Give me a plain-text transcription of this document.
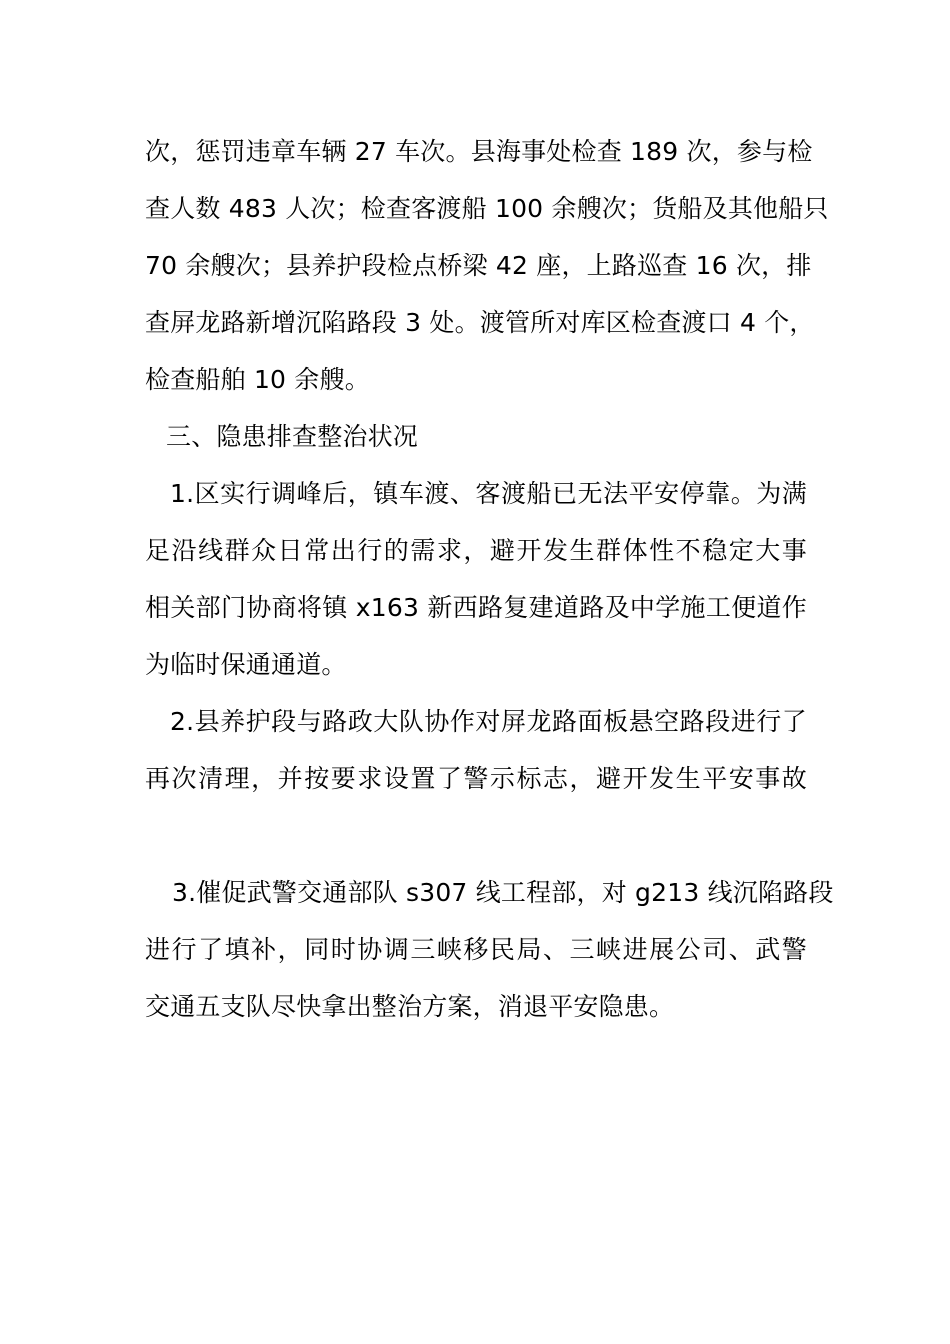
次，惩罚违章车辆 27 车次。县海事处检查 189 次，参与检
查人数 483 人次；检查客渡船 100 余艘次；货船及其他船只
70 余艘次；县养护段检点桥梁 42 座，上路巡查 16 次，排
查屏龙路新增沉陷路段 3 处。渡管所对库区检查渡口 4 个，
检查船舶 10 余艘。
三、隐患排查整治状况
1.区实行调峰后，镇车渡、客渡船已无法平安停靠。为满
足沿线群众日常出行的需求，避开发生群体性不稳定大事
相关部门协商将镇 x163 新西路复建道路及中学施工便道作
为临时保通通道。
2.县养护段与路政大队协作对屏龙路面板悬空路段进行了
再次清理，并按要求设置了警示标志，避开发生平安事故
3.催促武警交通部队 s307 线工程部，对 g213 线沉陷路段
进行了填补，同时协调三峡移民局、三峡进展公司、武警
交通五支队尽快拿出整治方案，消退平安隐患。
